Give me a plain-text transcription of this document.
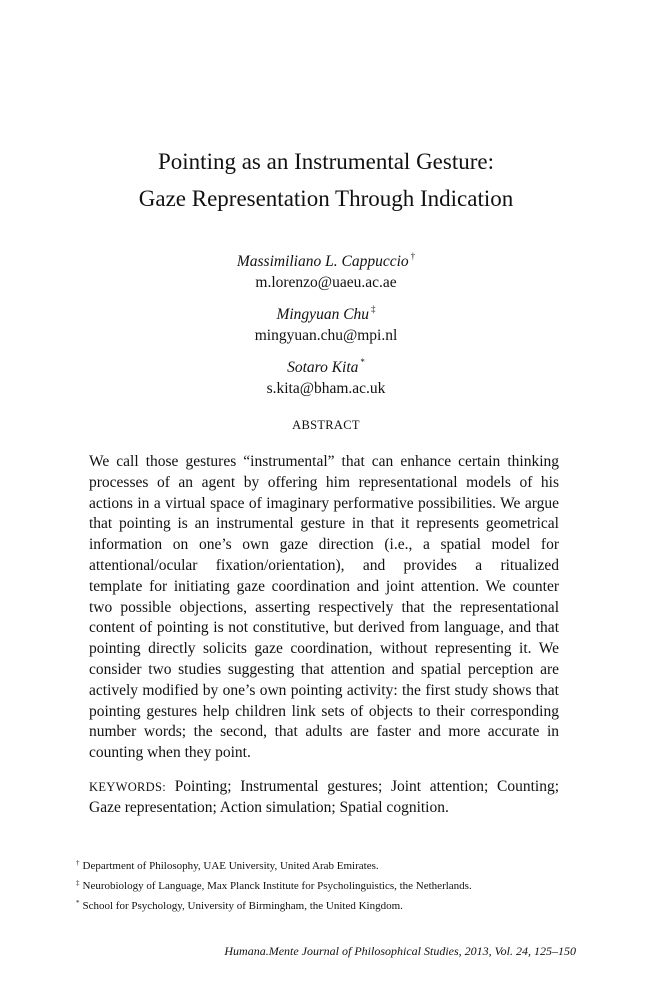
Pointing as an Instrumental Gesture:
Gaze Representation Through Indication
Massimiliano L. Cappuccio †
m.lorenzo@uaeu.ac.ae
Mingyuan Chu ‡
mingyuan.chu@mpi.nl
Sotaro Kita *
s.kita@bham.ac.uk
ABSTRACT
We call those gestures “instrumental” that can enhance certain thinking
processes of an agent by offering him representational models of his
actions in a virtual space of imaginary performative possibilities. We argue
that pointing is an instrumental gesture in that it represents geometrical
information on one’s own gaze direction (i.e., a spatial model for
attentional/ocular fixation/orientation), and provides a ritualized
template for initiating gaze coordination and joint attention. We counter
two possible objections, asserting respectively that the representational
content of pointing is not constitutive, but derived from language, and that
pointing directly solicits gaze coordination, without representing it. We
consider two studies suggesting that attention and spatial perception are
actively modified by one’s own pointing activity: the first study shows that
pointing gestures help children link sets of objects to their corresponding
number words; the second, that adults are faster and more accurate in
counting when they point.
KEYWORDS: Pointing; Instrumental gestures; Joint attention; Counting; Gaze representation; Action simulation; Spatial cognition.
† Department of Philosophy, UAE University, United Arab Emirates.
‡ Neurobiology of Language, Max Planck Institute for Psycholinguistics, the Netherlands.
* School for Psychology, University of Birmingham, the United Kingdom.
Humana.Mente Journal of Philosophical Studies, 2013, Vol. 24, 125–150
